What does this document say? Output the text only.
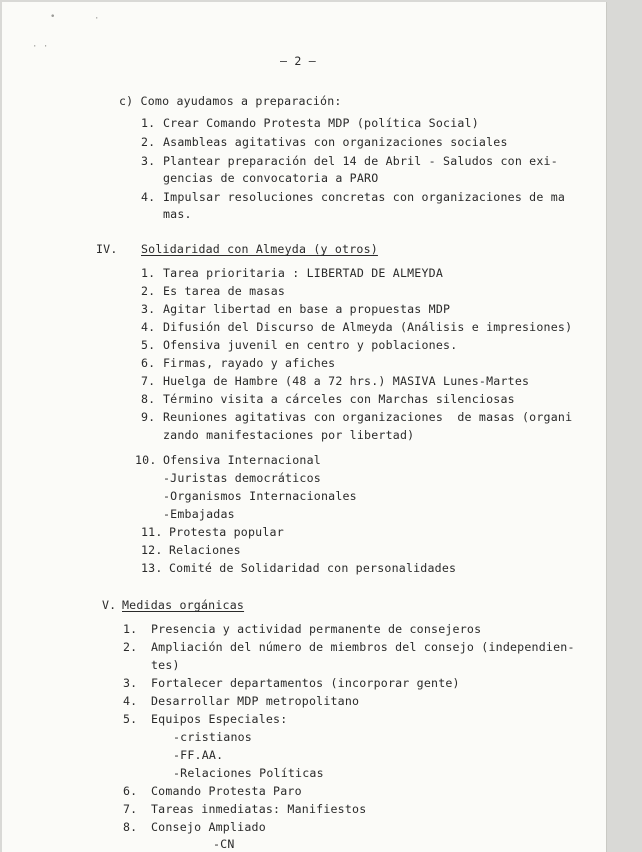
•	·
· ·
– 2 –
c) Como ayudamos a preparación:
1. Crear Comando Protesta MDP (política Social)
2. Asambleas agitativas con organizaciones sociales
3. Plantear preparación del 14 de Abril - Saludos con exi-
gencias de convocatoria a PARO
4. Impulsar resoluciones concretas con organizaciones de ma
mas.
IV. Solidaridad con Almeyda (y otros)
1. Tarea prioritaria : LIBERTAD DE ALMEYDA
2. Es tarea de masas
3. Agitar libertad en base a propuestas MDP
4. Difusión del Discurso de Almeyda (Análisis e impresiones)
5. Ofensiva juvenil en centro y poblaciones.
6. Firmas, rayado y afiches
7. Huelga de Hambre (48 a 72 hrs.) MASIVA Lunes-Martes
8. Término visita a cárceles con Marchas silenciosas
9. Reuniones agitativas con organizaciones  de masas (organi
zando manifestaciones por libertad)
10. Ofensiva Internacional
-Juristas democráticos
-Organismos Internacionales
-Embajadas
11. Protesta popular
12. Relaciones
13. Comité de Solidaridad con personalidades
V. Medidas orgánicas
1. Presencia y actividad permanente de consejeros
2. Ampliación del número de miembros del consejo (independien-
tes)
3. Fortalecer departamentos (incorporar gente)
4. Desarrollar MDP metropolitano
5. Equipos Especiales:
-cristianos
-FF.AA.
-Relaciones Políticas
6. Comando Protesta Paro
7. Tareas inmediatas: Manifiestos
8. Consejo Ampliado
-CN
